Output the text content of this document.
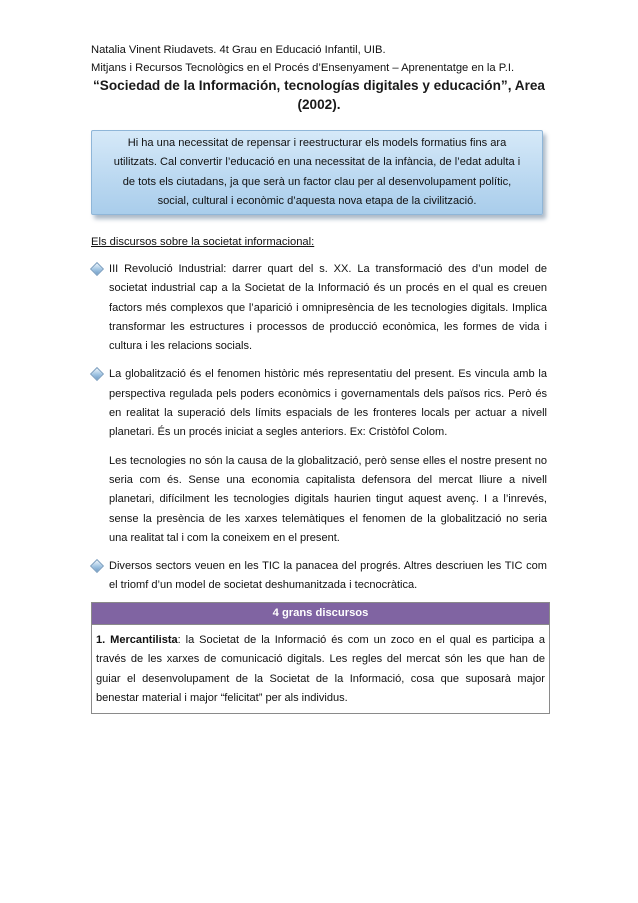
Natalia Vinent Riudavets. 4t Grau en Educació Infantil, UIB.
Mitjans i Recursos Tecnològics en el Procés d’Ensenyament – Aprenentatge en la P.I.
“Sociedad de la Información, tecnologías digitales y educación”, Area
(2002).
Hi ha una necessitat de repensar i reestructurar els models formatius fins ara
utilitzats. Cal convertir l’educació en una necessitat de la infància, de l’edat adulta i
de tots els ciutadans, ja que serà un factor clau per al desenvolupament polític,
social, cultural i econòmic d’aquesta nova etapa de la civilització.
Els discursos sobre la societat informacional:

III Revolució Industrial: darrer quart del s. XX. La transformació des d’un model de societat industrial cap a la Societat de la Informació és un procés en el qual es creuen factors més complexos que l’aparició i omnipresència de les tecnologies digitals. Implica transformar les estructures i processos de producció econòmica, les formes de vida i cultura i les relacions socials.

La globalització és el fenomen històric més representatiu del present. Es vincula amb la perspectiva regulada pels poders econòmics i governamentals dels països rics. Però és en realitat la superació dels límits espacials de les fronteres locals per actuar a nivell planetari. És un procés iniciat a segles anteriors. Ex: Cristòfol Colom.

Les tecnologies no són la causa de la globalització, però sense elles el nostre present no seria com és. Sense una economia capitalista defensora del mercat lliure a nivell planetari, difícilment les tecnologies digitals haurien tingut aquest avenç. I a l’inrevés, sense la presència de les xarxes telemàtiques el fenomen de la globalització no seria una realitat tal i com la coneixem en el present.

Diversos sectors veuen en les TIC la panacea del progrés. Altres descriuen les TIC com el triomf d’un model de societat deshumanitzada i tecnocràtica.

4 grans discursos
1. Mercantilista: la Societat de la Informació és com un zoco en el qual es participa a través de les xarxes de comunicació digitals. Les regles del mercat són les que han de guiar el desenvolupament de la Societat de la Informació, cosa que suposarà major benestar material i major “felicitat” per als individus.
